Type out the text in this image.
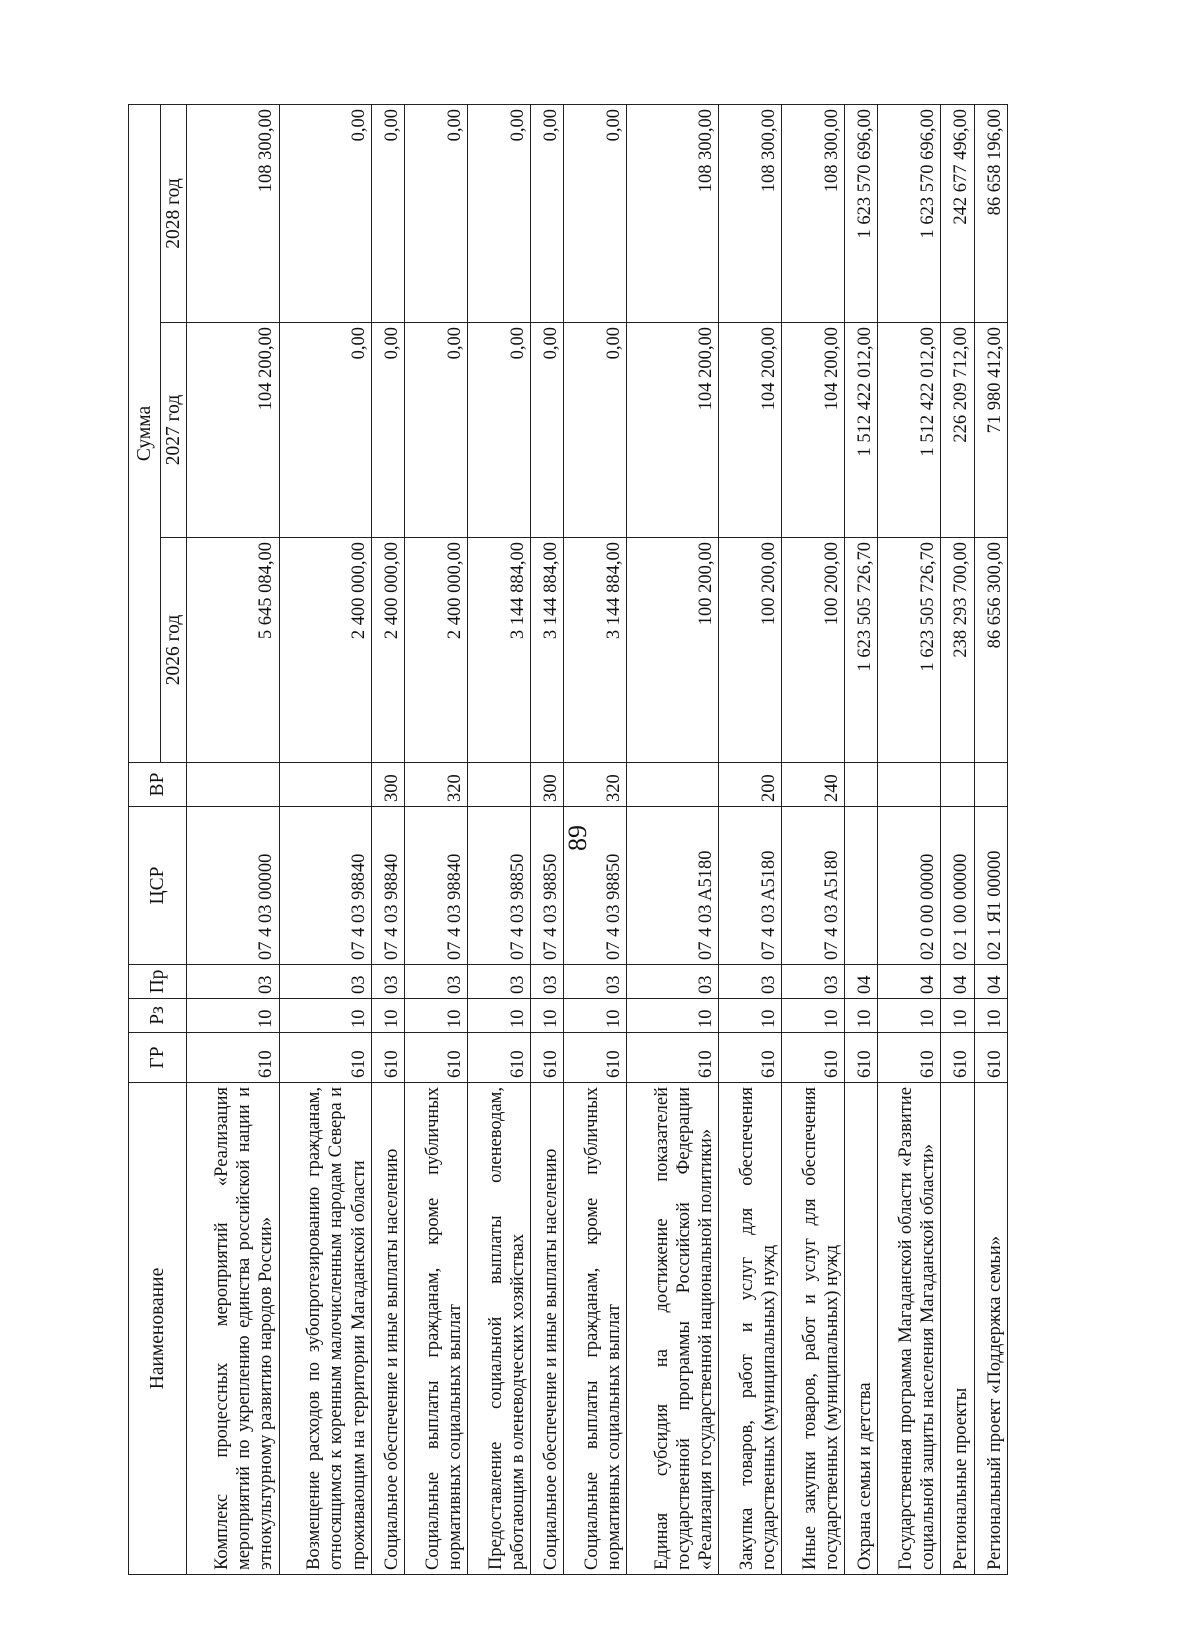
89
Наименование	ГР	Рз	Пр	ЦСР	ВР	Сумма		
						2026 год	2027 год	2028 год
Комплекс процессных мероприятий «Реализация мероприятий по укреплению единства российской нации и этнокультурному развитию народов России»	610	10	03	07 4 03 00000		5 645 084,00	104 200,00	108 300,00
Возмещение расходов по зубопротезированию гражданам, относящимся к коренным малочисленным народам Севера и проживающим на территории Магаданской области	610	10	03	07 4 03 98840		2 400 000,00	0,00	0,00
Социальное обеспечение и иные выплаты населению	610	10	03	07 4 03 98840	300	2 400 000,00	0,00	0,00
Социальные выплаты гражданам, кроме публичных нормативных социальных выплат	610	10	03	07 4 03 98840	320	2 400 000,00	0,00	0,00
Предоставление социальной выплаты оленеводам, работающим в оленеводческих хозяйствах	610	10	03	07 4 03 98850		3 144 884,00	0,00	0,00
Социальное обеспечение и иные выплаты населению	610	10	03	07 4 03 98850	300	3 144 884,00	0,00	0,00
Социальные выплаты гражданам, кроме публичных нормативных социальных выплат	610	10	03	07 4 03 98850	320	3 144 884,00	0,00	0,00
Единая субсидия на достижение показателей государственной программы Российской Федерации «Реализация государственной национальной политики»	610	10	03	07 4 03 A5180		100 200,00	104 200,00	108 300,00
Закупка товаров, работ и услуг для обеспечения государственных (муниципальных) нужд	610	10	03	07 4 03 A5180	200	100 200,00	104 200,00	108 300,00
Иные закупки товаров, работ и услуг для обеспечения государственных (муниципальных) нужд	610	10	03	07 4 03 A5180	240	100 200,00	104 200,00	108 300,00
Охрана семьи и детства	610	10	04			1 623 505 726,70	1 512 422 012,00	1 623 570 696,00
Государственная программа Магаданской области «Развитие социальной защиты населения Магаданской области»	610	10	04	02 0 00 00000		1 623 505 726,70	1 512 422 012,00	1 623 570 696,00
Региональные проекты	610	10	04	02 1 00 00000		238 293 700,00	226 209 712,00	242 677 496,00
Региональный проект «Поддержка семьи»	610	10	04	02 1 Я1 00000		86 656 300,00	71 980 412,00	86 658 196,00
